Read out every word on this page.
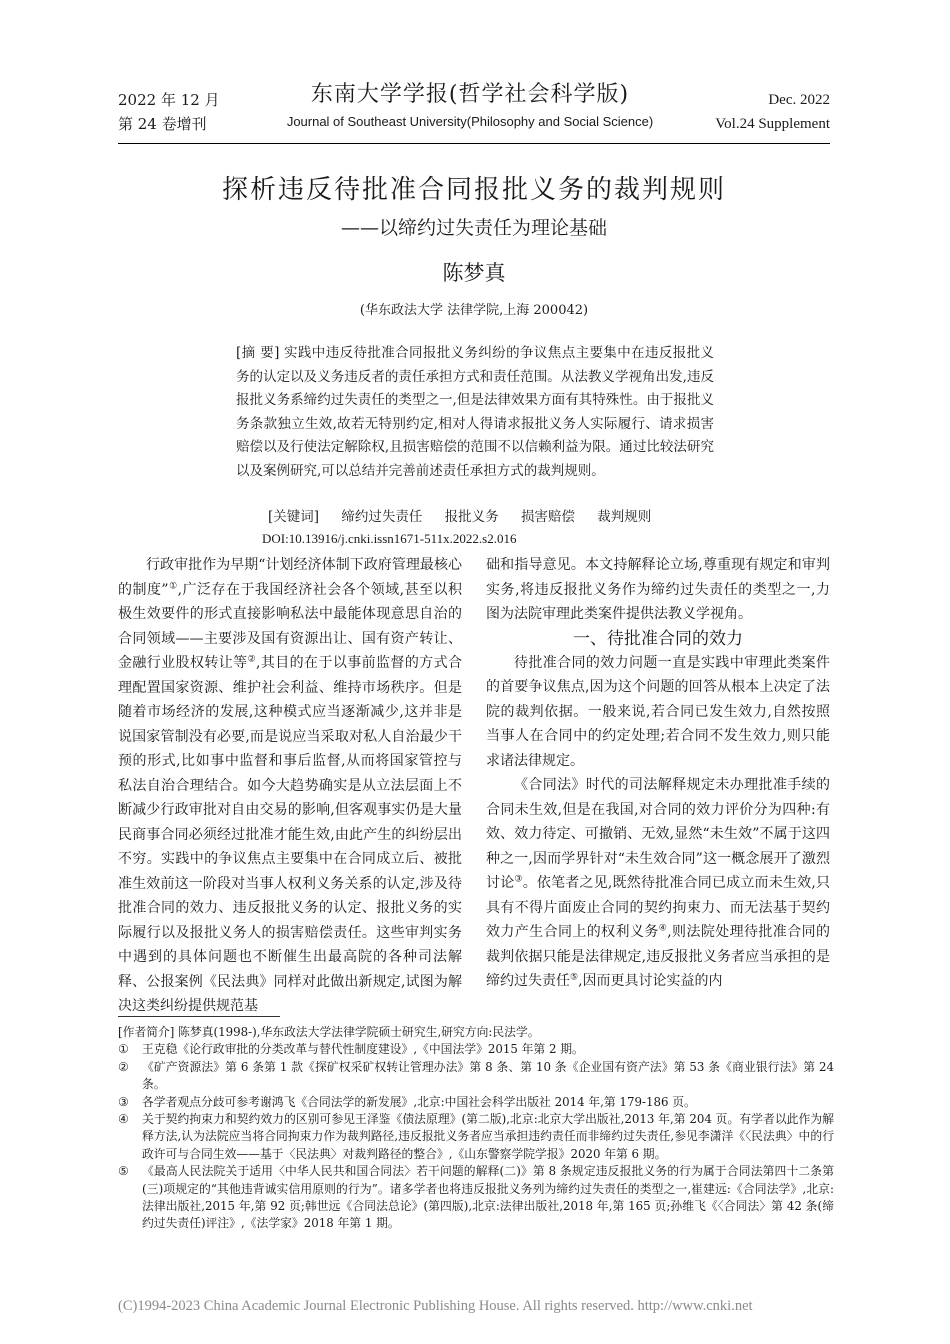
2022 年 12 月
第 24 卷增刊
东南大学学报(哲学社会科学版)
Journal of Southeast University(Philosophy and Social Science)
Dec. 2022
Vol.24 Supplement
探析违反待批准合同报批义务的裁判规则
——以缔约过失责任为理论基础
陈梦真
(华东政法大学 法律学院,上海 200042)
[摘 要] 实践中违反待批准合同报批义务纠纷的争议焦点主要集中在违反报批义务的认定以及义务违反者的责任承担方式和责任范围。从法教义学视角出发,违反报批义务系缔约过失责任的类型之一,但是法律效果方面有其特殊性。由于报批义务条款独立生效,故若无特别约定,相对人得请求报批义务人实际履行、请求损害赔偿以及行使法定解除权,且损害赔偿的范围不以信赖利益为限。通过比较法研究以及案例研究,可以总结并完善前述责任承担方式的裁判规则。
[关键词] 缔约过失责任 报批义务 损害赔偿 裁判规则
DOI:10.13916/j.cnki.issn1671-511x.2022.s2.016

行政审批作为早期“计划经济体制下政府管理最核心的制度”①,广泛存在于我国经济社会各个领域,甚至以积极生效要件的形式直接影响私法中最能体现意思自治的合同领域——主要涉及国有资源出让、国有资产转让、金融行业股权转让等②,其目的在于以事前监督的方式合理配置国家资源、维护社会利益、维持市场秩序。但是随着市场经济的发展,这种模式应当逐渐减少,这并非是说国家管制没有必要,而是说应当采取对私人自治最少干预的形式,比如事中监督和事后监督,从而将国家管控与私法自治合理结合。如今大趋势确实是从立法层面上不断减少行政审批对自由交易的影响,但客观事实仍是大量民商事合同必须经过批准才能生效,由此产生的纠纷层出不穷。实践中的争议焦点主要集中在合同成立后、被批准生效前这一阶段对当事人权利义务关系的认定,涉及待批准合同的效力、违反报批义务的认定、报批义务的实际履行以及报批义务人的损害赔偿责任。这些审判实务中遇到的具体问题也不断催生出最高院的各种司法解释、公报案例《民法典》同样对此做出新规定,试图为解决这类纠纷提供规范基

础和指导意见。本文持解释论立场,尊重现有规定和审判实务,将违反报批义务作为缔约过失责任的类型之一,力图为法院审理此类案件提供法教义学视角。

一、待批准合同的效力

待批准合同的效力问题一直是实践中审理此类案件的首要争议焦点,因为这个问题的回答从根本上决定了法院的裁判依据。一般来说,若合同已发生效力,自然按照当事人在合同中的约定处理;若合同不发生效力,则只能求诸法律规定。

《合同法》时代的司法解释规定未办理批准手续的合同未生效,但是在我国,对合同的效力评价分为四种:有效、效力待定、可撤销、无效,显然“未生效”不属于这四种之一,因而学界针对“未生效合同”这一概念展开了激烈讨论③。依笔者之见,既然待批准合同已成立而未生效,只具有不得片面废止合同的契约拘束力、而无法基于契约效力产生合同上的权利义务④,则法院处理待批准合同的裁判依据只能是法律规定,违反报批义务者应当承担的是缔约过失责任⑤,因而更具讨论实益的内

[作者简介] 陈梦真(1998-),华东政法大学法律学院硕士研究生,研究方向:民法学。
① 王克稳《论行政审批的分类改革与替代性制度建设》,《中国法学》2015 年第 2 期。
② 《矿产资源法》第 6 条第 1 款《探矿权采矿权转让管理办法》第 8 条、第 10 条《企业国有资产法》第 53 条《商业银行法》第 24 条。
③ 各学者观点分歧可参考谢鸿飞《合同法学的新发展》,北京:中国社会科学出版社 2014 年,第 179-186 页。
④ 关于契约拘束力和契约效力的区别可参见王泽鉴《债法原理》(第二版),北京:北京大学出版社,2013 年,第 204 页。有学者以此作为解释方法,认为法院应当将合同拘束力作为裁判路径,违反报批义务者应当承担违约责任而非缔约过失责任,参见李潇洋《〈民法典〉中的行政许可与合同生效——基于〈民法典〉对裁判路径的整合》,《山东警察学院学报》2020 年第 6 期。
⑤ 《最高人民法院关于适用〈中华人民共和国合同法〉若干问题的解释(二)》第 8 条规定违反报批义务的行为属于合同法第四十二条第(三)项规定的“其他违背诚实信用原则的行为”。诸多学者也将违反报批义务列为缔约过失责任的类型之一,崔建远:《合同法学》,北京:法律出版社,2015 年,第 92 页;韩世远《合同法总论》(第四版),北京:法律出版社,2018 年,第 165 页;孙维飞《〈合同法〉第 42 条(缔约过失责任)评注》,《法学家》2018 年第 1 期。
(C)1994-2023 China Academic Journal Electronic Publishing House. All rights reserved. http://www.cnki.net
